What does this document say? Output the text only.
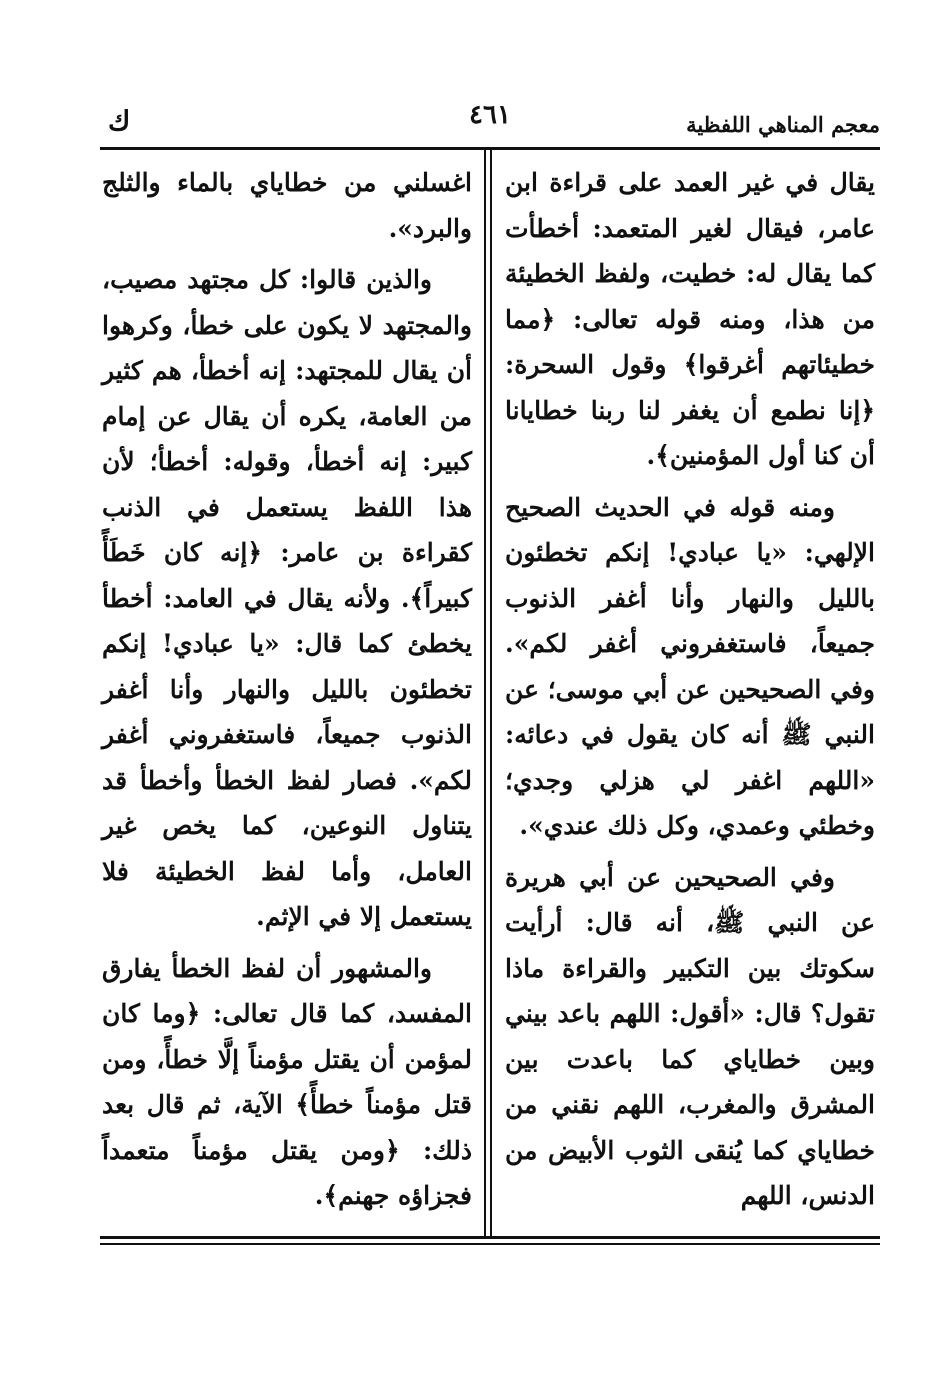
معجم المناهي اللفظية
٤٦١
ك

يقال في غير العمد على قراءة ابن عامر، فيقال لغير المتعمد: أخطأت كما يقال له: خطيت، ولفظ الخطيئة من هذا، ومنه قوله تعالى: ﴿مما خطيئاتهم أغرقوا﴾ وقول السحرة: ﴿إنا نطمع أن يغفر لنا ربنا خطايانا أن كنا أول المؤمنين﴾.

ومنه قوله في الحديث الصحيح الإلهي: «يا عبادي! إنكم تخطئون بالليل والنهار وأنا أغفر الذنوب جميعاً، فاستغفروني أغفر لكم». وفي الصحيحين عن أبي موسى؛ عن النبي ﷺ أنه كان يقول في دعائه: «اللهم اغفر لي هزلي وجدي؛ وخطئي وعمدي، وكل ذلك عندي».

وفي الصحيحين عن أبي هريرة عن النبي ﷺ، أنه قال: أرأيت سكوتك بين التكبير والقراءة ماذا تقول؟ قال: «أقول: اللهم باعد بيني وبين خطاياي كما باعدت بين المشرق والمغرب، اللهم نقني من خطاياي كما يُنقى الثوب الأبيض من الدنس، اللهم

اغسلني من خطاياي بالماء والثلج والبرد».

والذين قالوا: كل مجتهد مصيب، والمجتهد لا يكون على خطأ، وكرهوا أن يقال للمجتهد: إنه أخطأ، هم كثير من العامة، يكره أن يقال عن إمام كبير: إنه أخطأ، وقوله: أخطأ؛ لأن هذا اللفظ يستعمل في الذنب كقراءة بن عامر: ﴿إنه كان خَطَأً كبيراً﴾. ولأنه يقال في العامد: أخطأ يخطئ كما قال: «يا عبادي! إنكم تخطئون بالليل والنهار وأنا أغفر الذنوب جميعاً، فاستغفروني أغفر لكم». فصار لفظ الخطأ وأخطأ قد يتناول النوعين، كما يخص غير العامل، وأما لفظ الخطيئة فلا يستعمل إلا في الإثم.

والمشهور أن لفظ الخطأ يفارق المفسد، كما قال تعالى: ﴿وما كان لمؤمن أن يقتل مؤمناً إلَّا خطأً، ومن قتل مؤمناً خطأً﴾ الآية، ثم قال بعد ذلك: ﴿ومن يقتل مؤمناً متعمداً فجزاؤه جهنم﴾.
